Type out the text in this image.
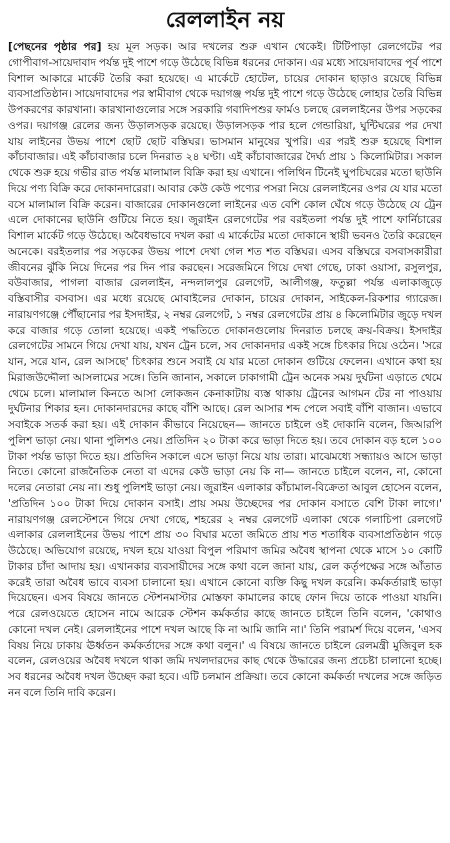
রেললাইন নয়

[পেছনের পৃষ্ঠার পর] হয় মূল সড়ক। আর দখলের শুরু এখান থেকেই। টিটিপাড়া রেলগেটের পর গোপীবাগ-সায়েদাবাদ পর্যন্ত দুই পাশে গড়ে উঠেছে বিভিন্ন ধরনের দোকান। এর মধ্যে সায়েদাবাদের পূর্ব পাশে বিশাল আকারে মার্কেট তৈরি করা হয়েছে। এ মার্কেটে হোটেল, চায়ের দোকান ছাড়াও রয়েছে বিভিন্ন ব্যবসাপ্রতিষ্ঠান। সায়েদাবাদের পর স্বামীবাগ থেকে দয়াগঞ্জ পর্যন্ত দুই পাশে গড়ে উঠেছে লোহার তৈরি বিভিন্ন উপকরণের কারখানা। কারখানাগুলোর সঙ্গে সরকারি গবাদিপশুর ফার্মও চলছে রেললাইনের উপর সড়কের ওপর। দয়াগঞ্জ রেলের জন্য উড়ালসড়ক রয়েছে। উড়ালসড়ক পার হলে গেন্ডারিয়া, ঘুন্টিঘরের পর দেখা যায় লাইনের উভয় পাশে ছোট ছোট বস্তিঘর। ভাসমান মানুষের খুপরি। এর পরই শুরু হয়েছে বিশাল কাঁচাবাজার। এই কাঁচাবাজার চলে দিনরাত ২৪ ঘণ্টা। এই কাঁচাবাজারের দৈর্ঘ্য প্রায় ১ কিলোমিটার। সকাল থেকে শুরু হয়ে গভীর রাত পর্যন্ত মালামাল বিক্রি করা হয় এখানে। পলিথিন টিনেই ঘুপচিঘরের মতো ছাউনি দিয়ে পণ্য বিক্রি করে দোকানদারেরা। আবার কেউ কেউ পণ্যের পসরা নিয়ে রেললাইনের ওপর যে যার মতো বসে মালামাল বিক্রি করেন। বাজারের দোকানগুলো লাইনের এত বেশি কোল ঘেঁষে গড়ে উঠেছে যে ট্রেন এলে দোকানের ছাউনি গুটিয়ে নিতে হয়। জুরাইন রেলগেটের পর বরইতলা পর্যন্ত দুই পাশে ফার্নিচারের বিশাল মার্কেট গড়ে উঠেছে। অবৈধভাবে দখল করা এ মার্কেটের মতো দোকানে স্থায়ী ভবনও তৈরি করেছেন অনেকে। বরইতলার পর সড়কের উভয় পাশে দেখা গেল শত শত বস্তিঘর। এসব বস্তিঘরে বসবাসকারীরা জীবনের ঝুঁকি নিয়ে দিনের পর দিন পার করছেন। সরেজমিনে গিয়ে দেখা গেছে, ঢাকা ওয়াসা, রসুলপুর, বউবাজার, পাগলা বাজার রেললাইন, নন্দলালপুর রেলগেট, আলীগঞ্জ, ফতুল্লা পর্যন্ত এলাকাজুড়ে বস্তিবাসীর বসবাস। এর মধ্যে রয়েছে মোবাইলের দোকান, চায়ের দোকান, সাইকেল-রিকশার গ্যারেজ। নারায়ণগঞ্জে পৌঁছানোর পর ইসদাইর, ২ নম্বর রেলগেট, ১ নম্বর রেলগেটের প্রায় ৪ কিলোমিটার জুড়ে দখল করে বাজার গড়ে তোলা হয়েছে। একই পদ্ধতিতে দোকানগুলোয় দিনরাত চলছে ক্রয়-বিক্রয়। ইসদাইর রেলগেটের সামনে গিয়ে দেখা যায়, যখন ট্রেন চলে, সব দোকানদার একই সঙ্গে চিৎকার দিয়ে ওঠেন। 'সরে যান, সরে যান, রেল আসছে' চিৎকার শুনে সবাই যে যার মতো দোকান গুটিয়ে ফেলেন। এখানে কথা হয় মিরাজউদ্দৌলা আসলামের সঙ্গে। তিনি জানান, সকালে ঢাকাগামী ট্রেন অনেক সময় দুর্ঘটনা এড়াতে থেমে থেমে চলে। মালামাল কিনতে আসা লোকজন কেনাকাটায় ব্যস্ত থাকায় ট্রেনের আগমন টের না পাওয়ায় দুর্ঘটনার শিকার হন। দোকানদারদের কাছে বাঁশি আছে। রেল আসার শব্দ পেলে সবাই বাঁশি বাজান। এভাবে সবাইকে সতর্ক করা হয়। এই দোকান কীভাবে নিয়েছেন— জানতে চাইলে ওই দোকানি বলেন, জিআরপি পুলিশ ভাড়া নেয়। থানা পুলিশও নেয়। প্রতিদিন ২০ টাকা করে ভাড়া দিতে হয়। তবে দোকান বড় হলে ১০০ টাকা পর্যন্ত ভাড়া দিতে হয়। প্রতিদিন সকালে এসে ভাড়া নিয়ে যায় তারা। মাঝেমধ্যে সন্ধ্যায়ও আসে ভাড়া নিতে। কোনো রাজনৈতিক নেতা বা এদের কেউ ভাড়া নেয় কি না— জানতে চাইলে বলেন, না, কোনো দলের নেতারা নেয় না। শুধু পুলিশই ভাড়া নেয়। জুরাইন এলাকার কাঁচামাল-বিক্রেতা আবুল হোসেন বলেন, 'প্রতিদিন ১০০ টাকা দিয়ে দোকান বসাই। প্রায় সময় উচ্ছেদের পর দোকান বসাতে বেশি টাকা লাগে।' নারায়ণগঞ্জ রেলস্টেশনে গিয়ে দেখা গেছে, শহরের ২ নম্বর রেলগেট এলাকা থেকে গলাচিপা রেলগেট এলাকার রেললাইনের উভয় পাশে প্রায় ৩০ বিঘার মতো জমিতে প্রায় শত শতাধিক ব্যবসাপ্রতিষ্ঠান গড়ে উঠেছে। অভিযোগ রয়েছে, দখল হয়ে যাওয়া বিপুল পরিমাণ জমির অবৈধ স্থাপনা থেকে মাসে ১০ কোটি টাকার চাঁদা আদায় হয়। এখানকার ব্যবসায়ীদের সঙ্গে কথা বলে জানা যায়, রেল কর্তৃপক্ষের সঙ্গে আঁতাত করেই তারা অবৈধ ভাবে ব্যবসা চালানো হয়। এখানে কোনো ব্যক্তি কিছু দখল করেনি। কর্মকর্তারাই ভাড়া দিয়েছেন। এসব বিষয়ে জানতে স্টেশনমাস্টার মোস্তফা কামালের কাছে ফোন দিয়ে তাকে পাওয়া যায়নি। পরে রেলওয়েতে হোসেন নামে আরেক স্টেশন কর্মকর্তার কাছে জানতে চাইলে তিনি বলেন, 'কোথাও কোনো দখল নেই। রেললাইনের পাশে দখল আছে কি না আমি জানি না।' তিনি পরামর্শ দিয়ে বলেন, 'এসব বিষয় নিয়ে ঢাকায় ঊর্ধ্বতন কর্মকর্তাদের সঙ্গে কথা বলুন।' এ বিষয়ে জানতে চাইলে রেলমন্ত্রী মুজিবুল হক বলেন, রেলওয়ের অবৈধ দখলে থাকা জমি দখলদারদের কাছ থেকে উদ্ধারের জন্য প্রচেষ্টা চালানো হচ্ছে। সব ধরনের অবৈধ দখল উচ্ছেদ করা হবে। এটি চলমান প্রক্রিয়া। তবে কোনো কর্মকর্তা দখলের সঙ্গে জড়িত নন বলে তিনি দাবি করেন।
